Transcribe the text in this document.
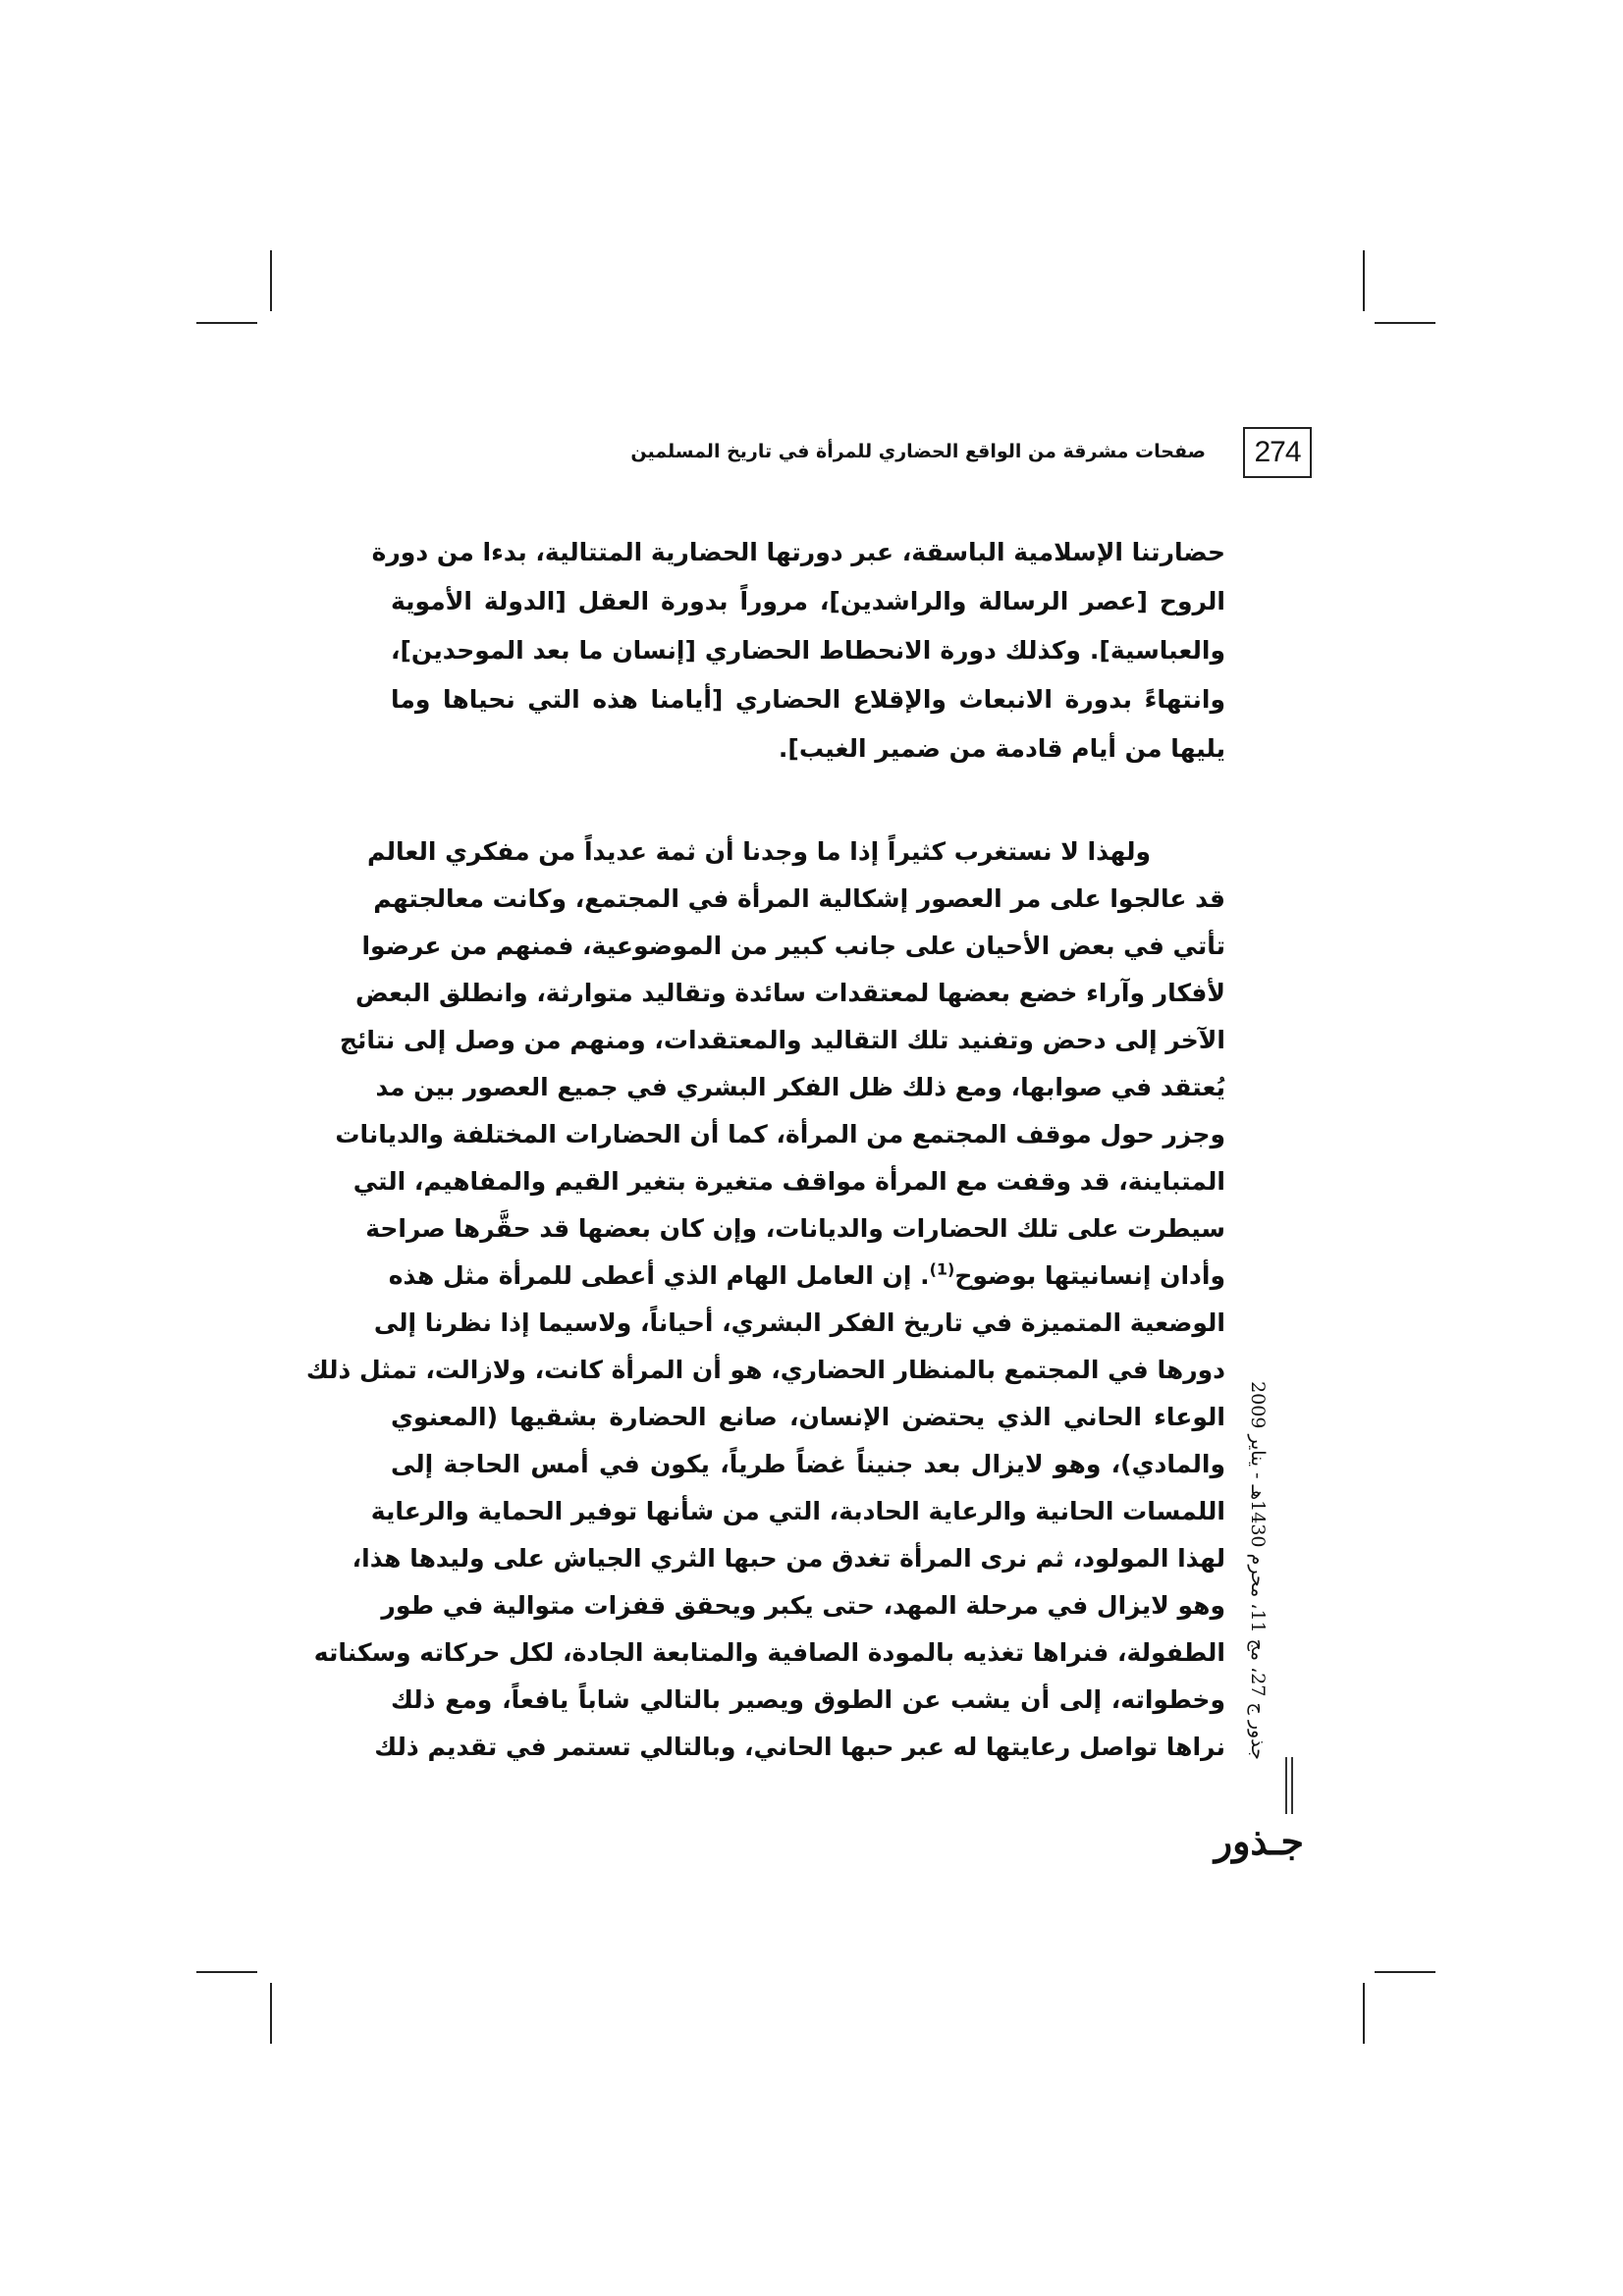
274
صفحات مشرقة من الواقع الحضاري للمرأة في تاريخ المسلمين
حضارتنا الإسلامية الباسقة، عبر دورتها الحضارية المتتالية، بدءا من دورة
الروح [عصر الرسالة والراشدين]، مروراً بدورة العقل [الدولة الأموية
والعباسية]. وكذلك دورة الانحطاط الحضاري [إنسان ما بعد الموحدين]،
وانتهاءً بدورة الانبعاث والإقلاع الحضاري [أيامنا هذه التي نحياها وما
يليها من أيام قادمة من ضمير الغيب].
ولهذا لا نستغرب كثيراً إذا ما وجدنا أن ثمة عديداً من مفكري العالم
قد عالجوا على مر العصور إشكالية المرأة في المجتمع، وكانت معالجتهم
تأتي في بعض الأحيان على جانب كبير من الموضوعية، فمنهم من عرضوا
لأفكار وآراء خضع بعضها لمعتقدات سائدة وتقاليد متوارثة، وانطلق البعض
الآخر إلى دحض وتفنيد تلك التقاليد والمعتقدات، ومنهم من وصل إلى نتائج
يُعتقد في صوابها، ومع ذلك ظل الفكر البشري في جميع العصور بين مد
وجزر حول موقف المجتمع من المرأة، كما أن الحضارات المختلفة والديانات
المتباينة، قد وقفت مع المرأة مواقف متغيرة بتغير القيم والمفاهيم، التي
سيطرت على تلك الحضارات والديانات، وإن كان بعضها قد حقَّرها صراحة
وأدان إنسانيتها بوضوح$^{(1)}$. إن العامل الهام الذي أعطى للمرأة مثل هذه
الوضعية المتميزة في تاريخ الفكر البشري، أحياناً، ولاسيما إذا نظرنا إلى
دورها في المجتمع بالمنظار الحضاري، هو أن المرأة كانت، ولازالت، تمثل ذلك
الوعاء الحاني الذي يحتضن الإنسان، صانع الحضارة بشقيها (المعنوي
والمادي)، وهو لايزال بعد جنيناً غضاً طرياً، يكون في أمس الحاجة إلى
اللمسات الحانية والرعاية الحادبة، التي من شأنها توفير الحماية والرعاية
لهذا المولود، ثم نرى المرأة تغدق من حبها الثري الجياش على وليدها هذا،
وهو لايزال في مرحلة المهد، حتى يكبر ويحقق قفزات متوالية في طور
الطفولة، فنراها تغذيه بالمودة الصافية والمتابعة الجادة، لكل حركاته وسكناته
وخطواته، إلى أن يشب عن الطوق ويصير بالتالي شاباً يافعاً، ومع ذلك
نراها تواصل رعايتها له عبر حبها الحاني، وبالتالي تستمر في تقديم ذلك
جذور ج 27، مج 11، محرم 1430هـ - يناير 2009
جـذور
